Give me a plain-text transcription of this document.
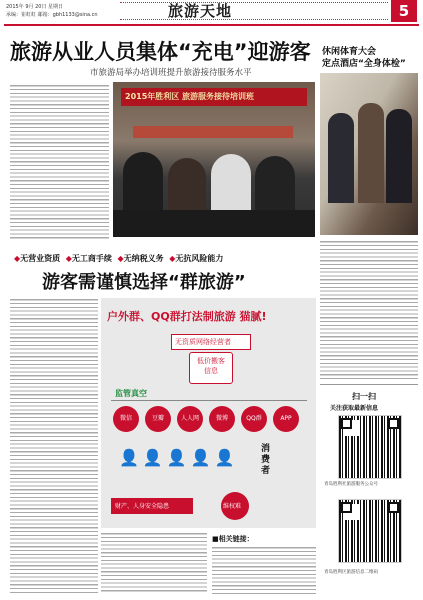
2015年 9月 20日 星期日
承编：崔虹虹 邮箱：gbh1133@sina.cn	旅游天地	5
旅游从业人员集体“充电”迎游客
市旅游局举办培训班提升旅游接待服务水平
2015年胜利区 旅游服务接待培训班
休闲体育大会
定点酒店“全身体检”
◆无营业资质 ◆无工商手续 ◆无纳税义务 ◆无抗风险能力
游客需谨慎选择“群旅游”
户外群、QQ群打法制旅游 猫腻!
无资质网络经营者
低价搬客 信息
监管真空
微信	豆瓣	人人网	微博	QQ群	APP
👤👤👤👤👤	消费者
财产、人身安全隐患	维权难
■相关链接：
扫一扫
关注获取最新信息
青岛胜利社旅游服务公众号
青岛胜利区旅游信息二维码
